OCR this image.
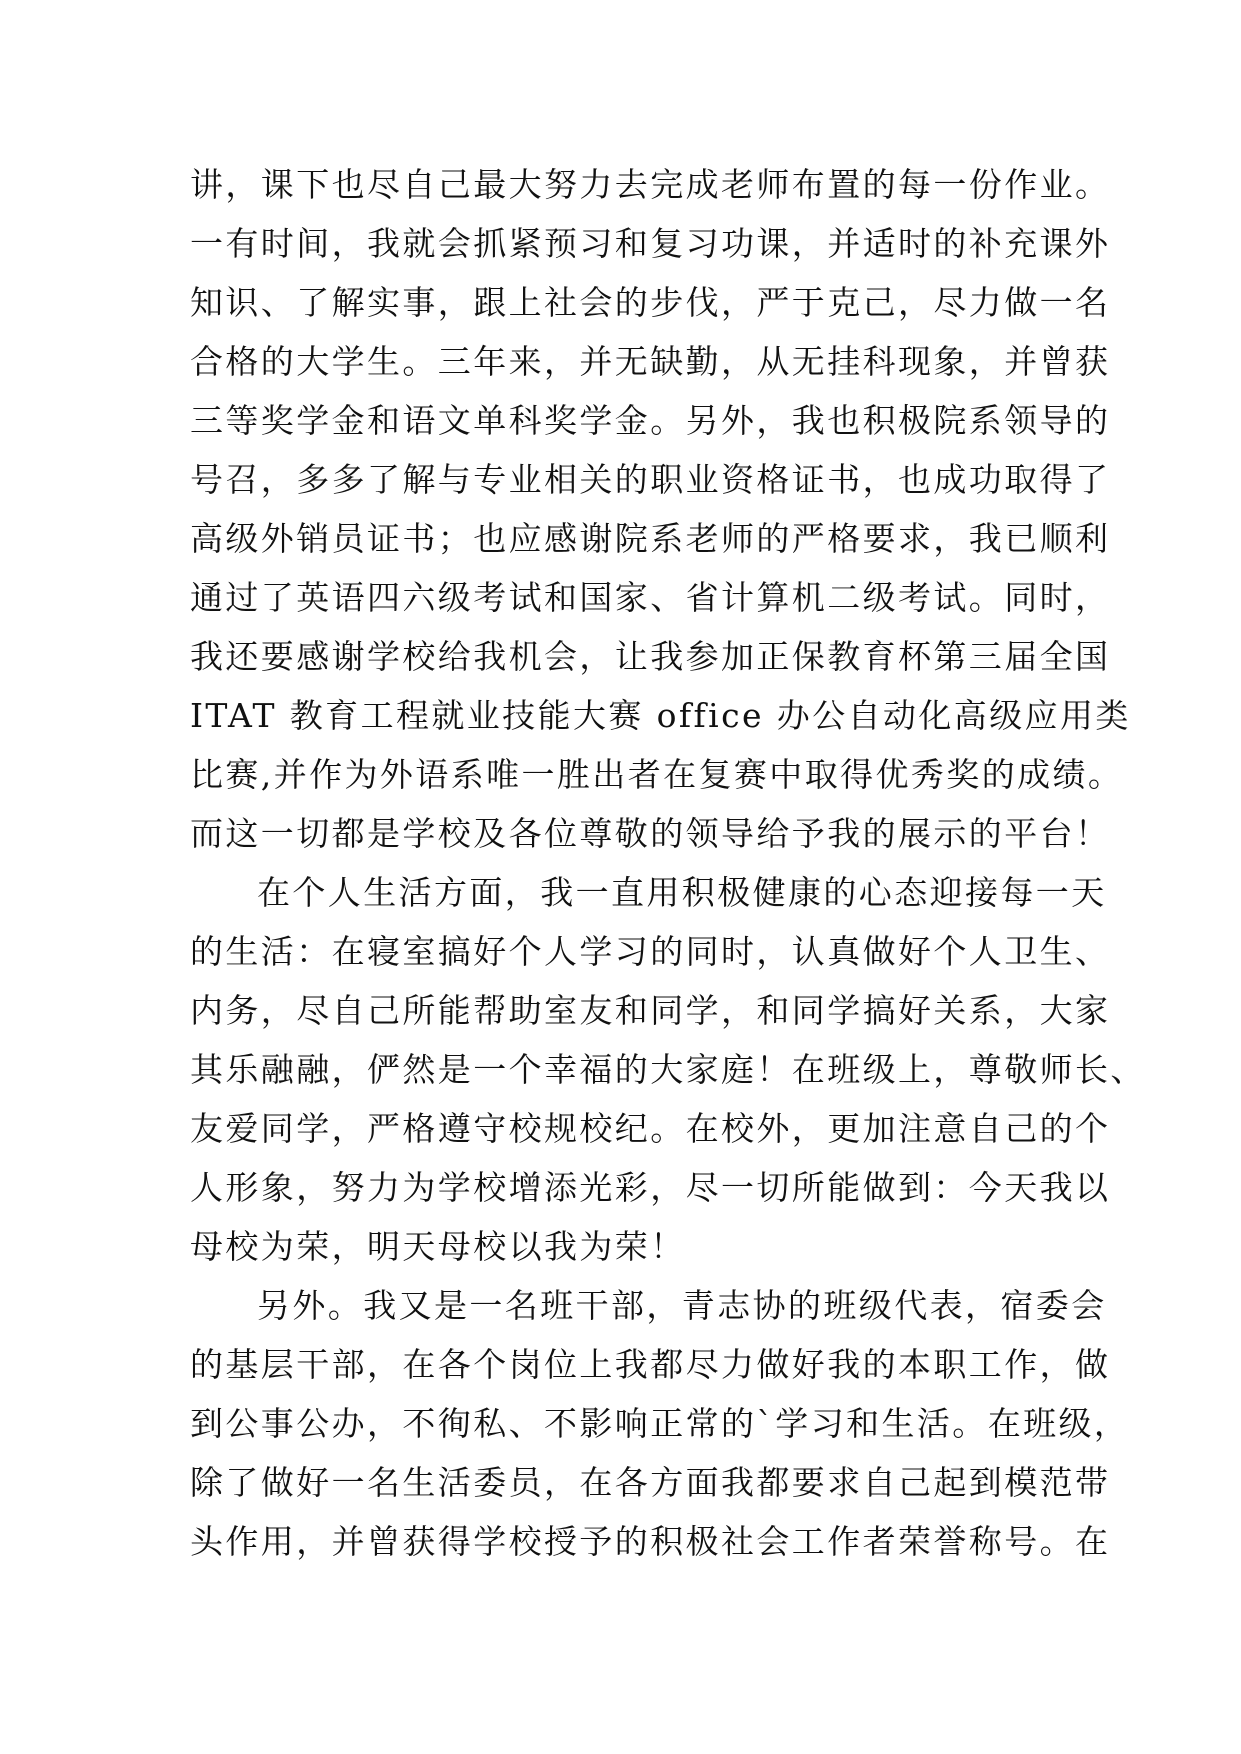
讲，课下也尽自己最大努力去完成老师布置的每一份作业。
一有时间，我就会抓紧预习和复习功课，并适时的补充课外
知识、了解实事，跟上社会的步伐，严于克己，尽力做一名
合格的大学生。三年来，并无缺勤，从无挂科现象，并曾获
三等奖学金和语文单科奖学金。另外，我也积极院系领导的
号召，多多了解与专业相关的职业资格证书，也成功取得了
高级外销员证书；也应感谢院系老师的严格要求，我已顺利
通过了英语四六级考试和国家、省计算机二级考试。同时，
我还要感谢学校给我机会，让我参加正保教育杯第三届全国
ITAT 教育工程就业技能大赛 office 办公自动化高级应用类
比赛,并作为外语系唯一胜出者在复赛中取得优秀奖的成绩。
而这一切都是学校及各位尊敬的领导给予我的展示的平台！
在个人生活方面，我一直用积极健康的心态迎接每一天
的生活：在寝室搞好个人学习的同时，认真做好个人卫生、
内务，尽自己所能帮助室友和同学，和同学搞好关系，大家
其乐融融，俨然是一个幸福的大家庭！在班级上，尊敬师长、
友爱同学，严格遵守校规校纪。在校外，更加注意自己的个
人形象，努力为学校增添光彩，尽一切所能做到：今天我以
母校为荣，明天母校以我为荣！
另外。我又是一名班干部，青志协的班级代表，宿委会
的基层干部，在各个岗位上我都尽力做好我的本职工作，做
到公事公办，不徇私、不影响正常的`学习和生活。在班级，
除了做好一名生活委员，在各方面我都要求自己起到模范带
头作用，并曾获得学校授予的积极社会工作者荣誉称号。在
